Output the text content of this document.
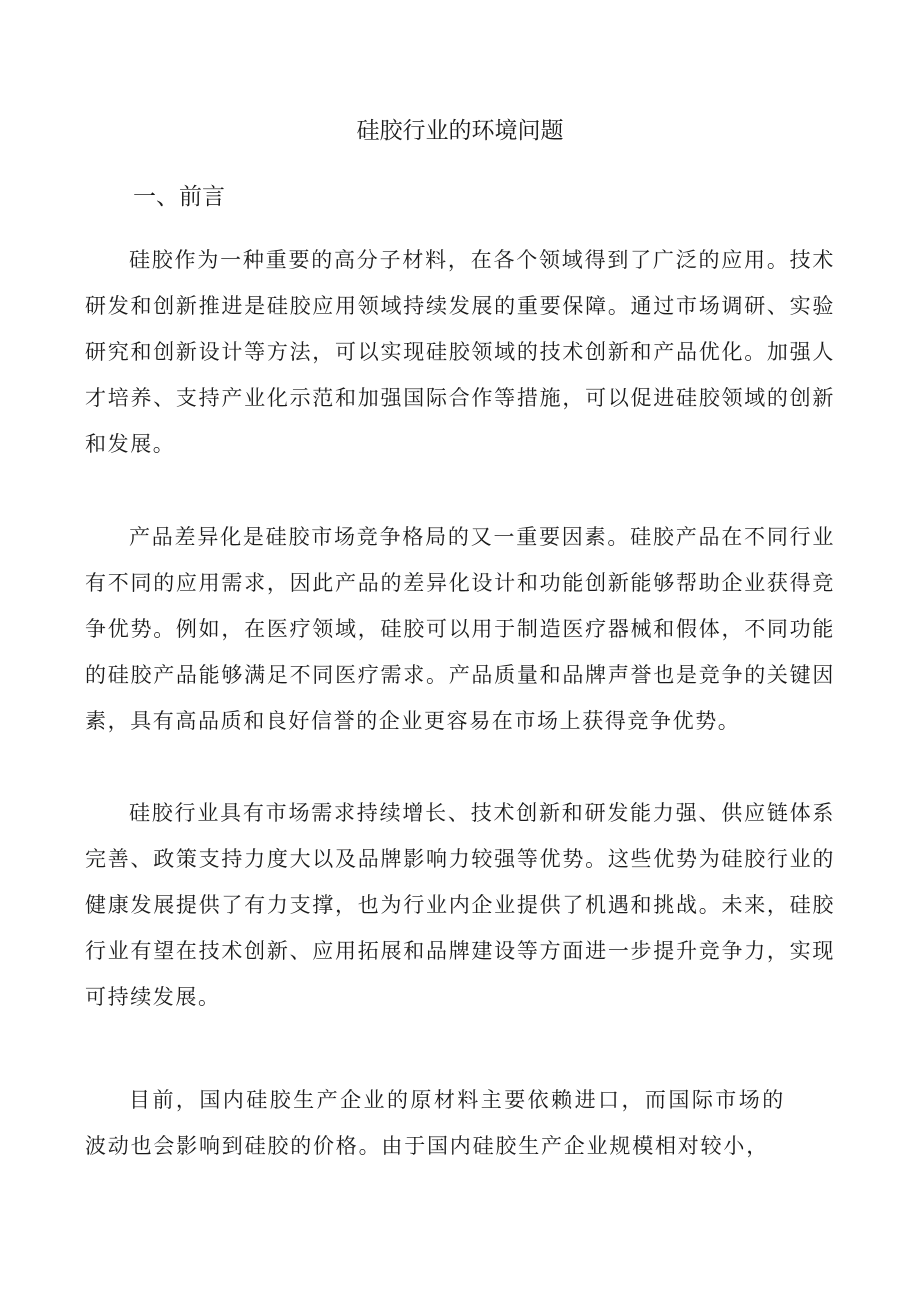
硅胶行业的环境问题
一、前言

硅胶作为一种重要的高分子材料，在各个领域得到了广泛的应用。技术研发和创新推进是硅胶应用领域持续发展的重要保障。通过市场调研、实验研究和创新设计等方法，可以实现硅胶领域的技术创新和产品优化。加强人才培养、支持产业化示范和加强国际合作等措施，可以促进硅胶领域的创新和发展。

产品差异化是硅胶市场竞争格局的又一重要因素。硅胶产品在不同行业有不同的应用需求，因此产品的差异化设计和功能创新能够帮助企业获得竞争优势。例如，在医疗领域，硅胶可以用于制造医疗器械和假体，不同功能的硅胶产品能够满足不同医疗需求。产品质量和品牌声誉也是竞争的关键因素，具有高品质和良好信誉的企业更容易在市场上获得竞争优势。

硅胶行业具有市场需求持续增长、技术创新和研发能力强、供应链体系完善、政策支持力度大以及品牌影响力较强等优势。这些优势为硅胶行业的健康发展提供了有力支撑，也为行业内企业提供了机遇和挑战。未来，硅胶行业有望在技术创新、应用拓展和品牌建设等方面进一步提升竞争力，实现可持续发展。

目前，国内硅胶生产企业的原材料主要依赖进口，而国际市场的波动也会影响到硅胶的价格。由于国内硅胶生产企业规模相对较小，
